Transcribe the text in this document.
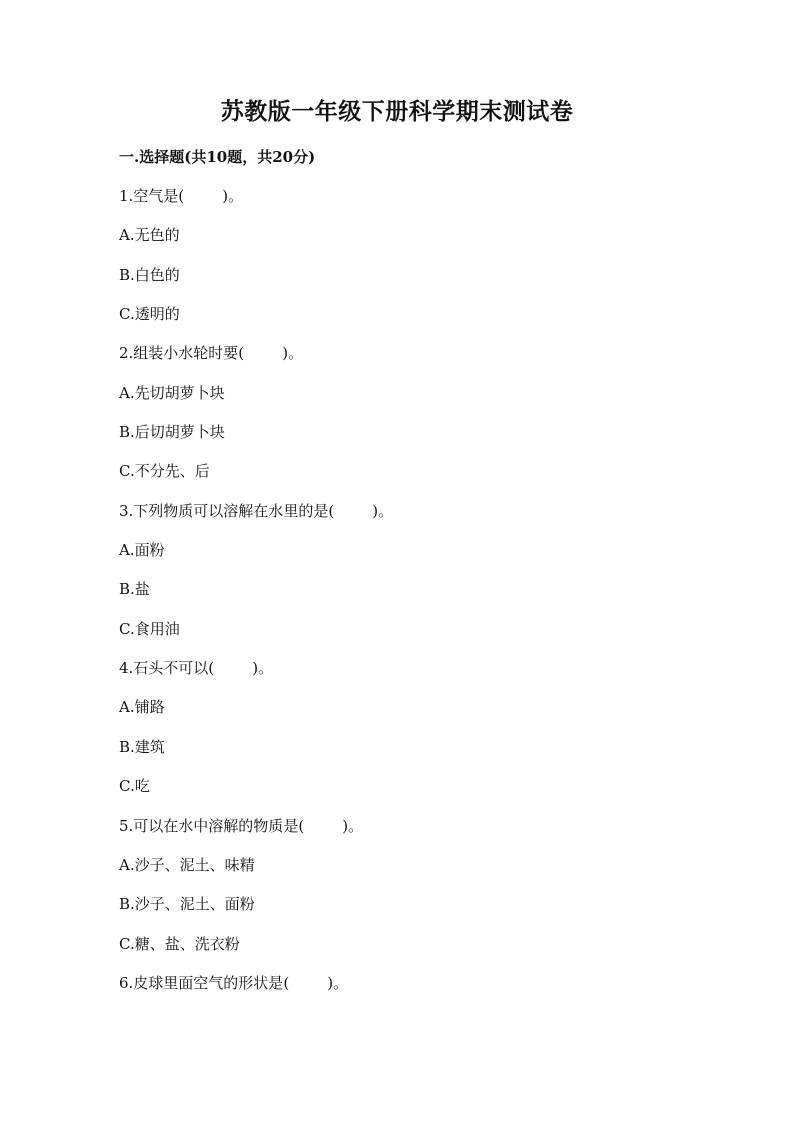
苏教版一年级下册科学期末测试卷
一.选择题(共10题，共20分)
1.空气是(        )。
A.无色的
B.白色的
C.透明的
2.组装小水轮时要(        )。
A.先切胡萝卜块
B.后切胡萝卜块
C.不分先、后
3.下列物质可以溶解在水里的是(        )。
A.面粉
B.盐
C.食用油
4.石头不可以(        )。
A.铺路
B.建筑
C.吃
5.可以在水中溶解的物质是(        )。
A.沙子、泥土、味精
B.沙子、泥土、面粉
C.糖、盐、洗衣粉
6.皮球里面空气的形状是(        )。
